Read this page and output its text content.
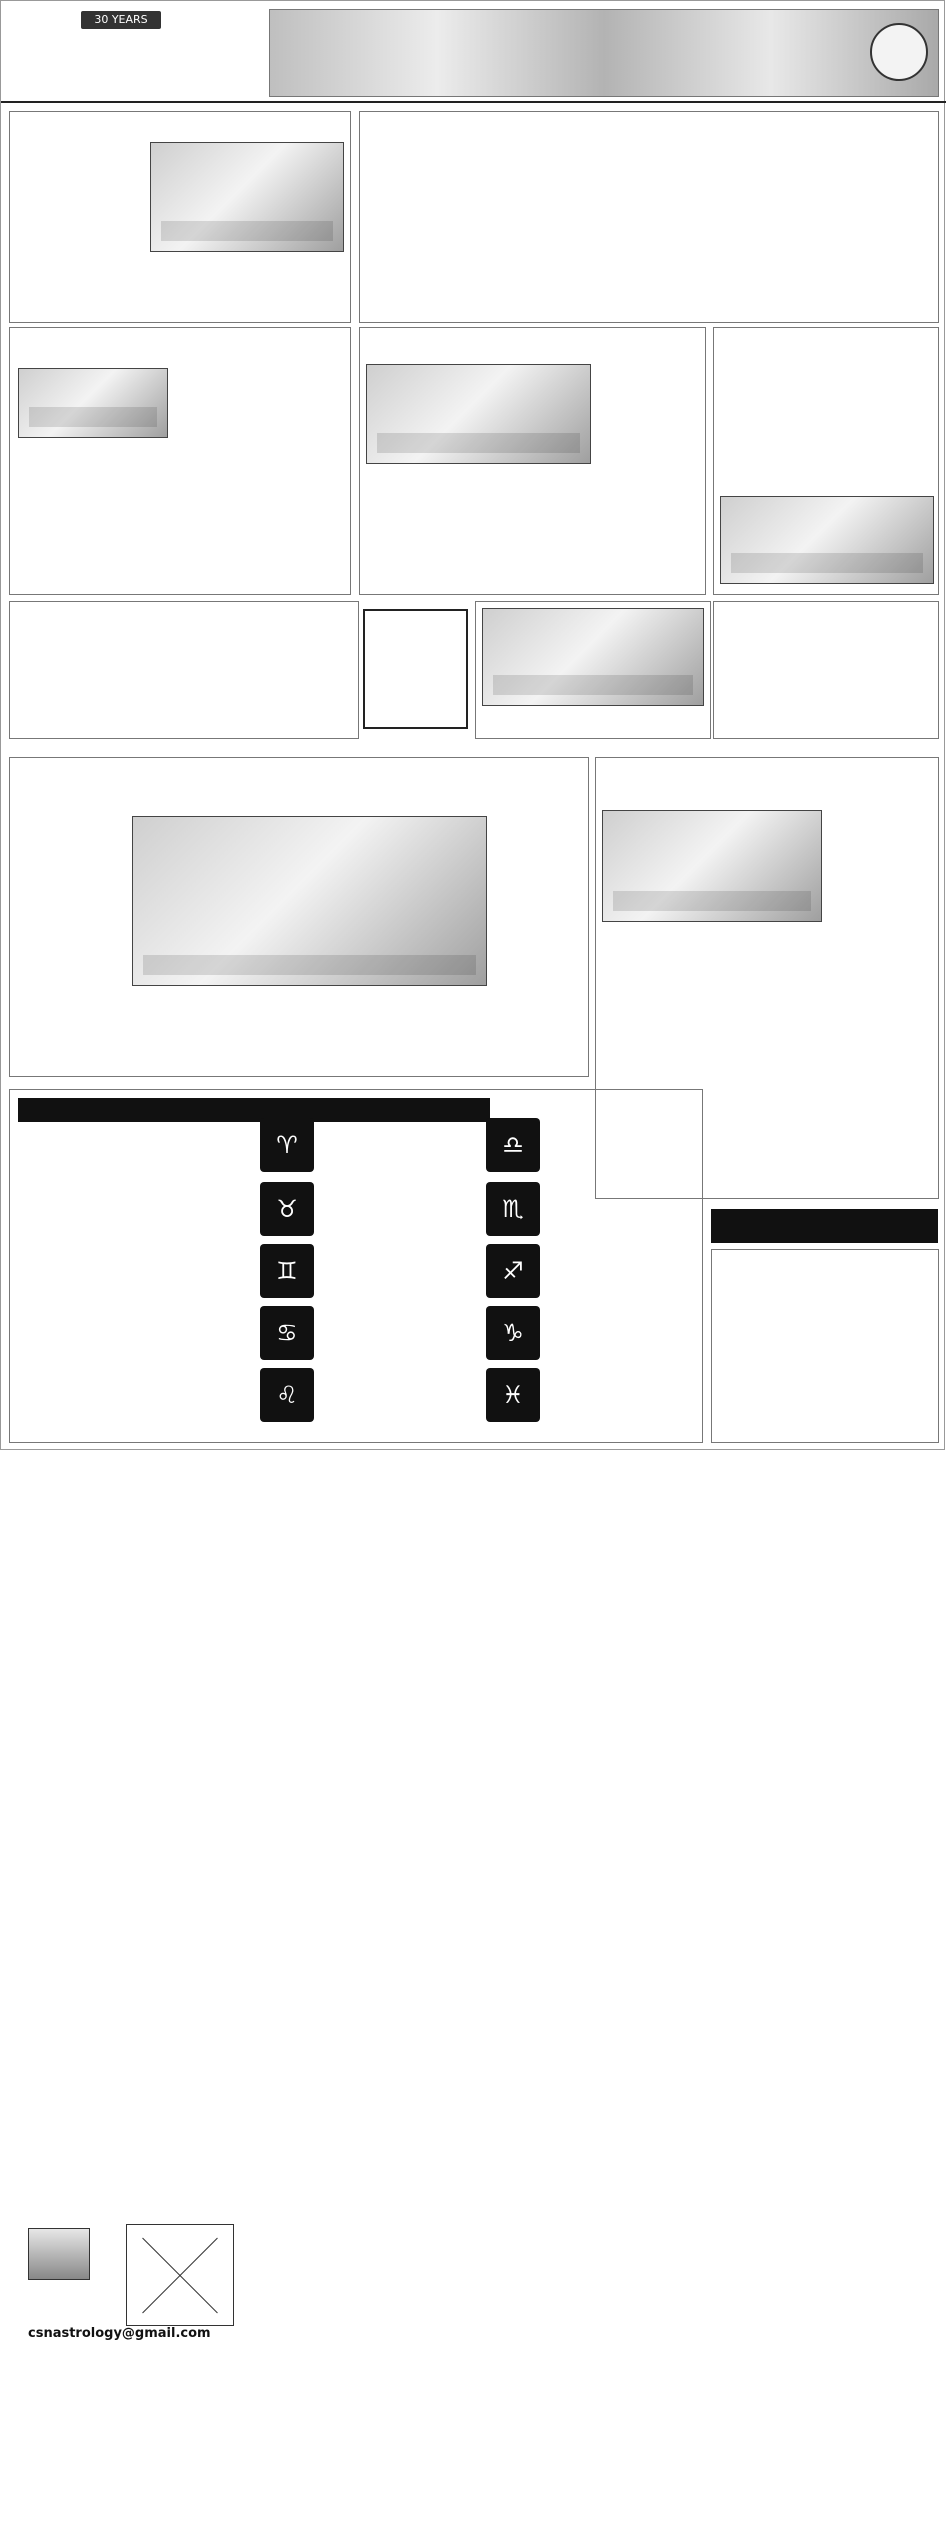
30 YEARS
csnastrology@gmail.com
♈
♉
♊
♋
♌
♎
♏
♐
♑
♓
